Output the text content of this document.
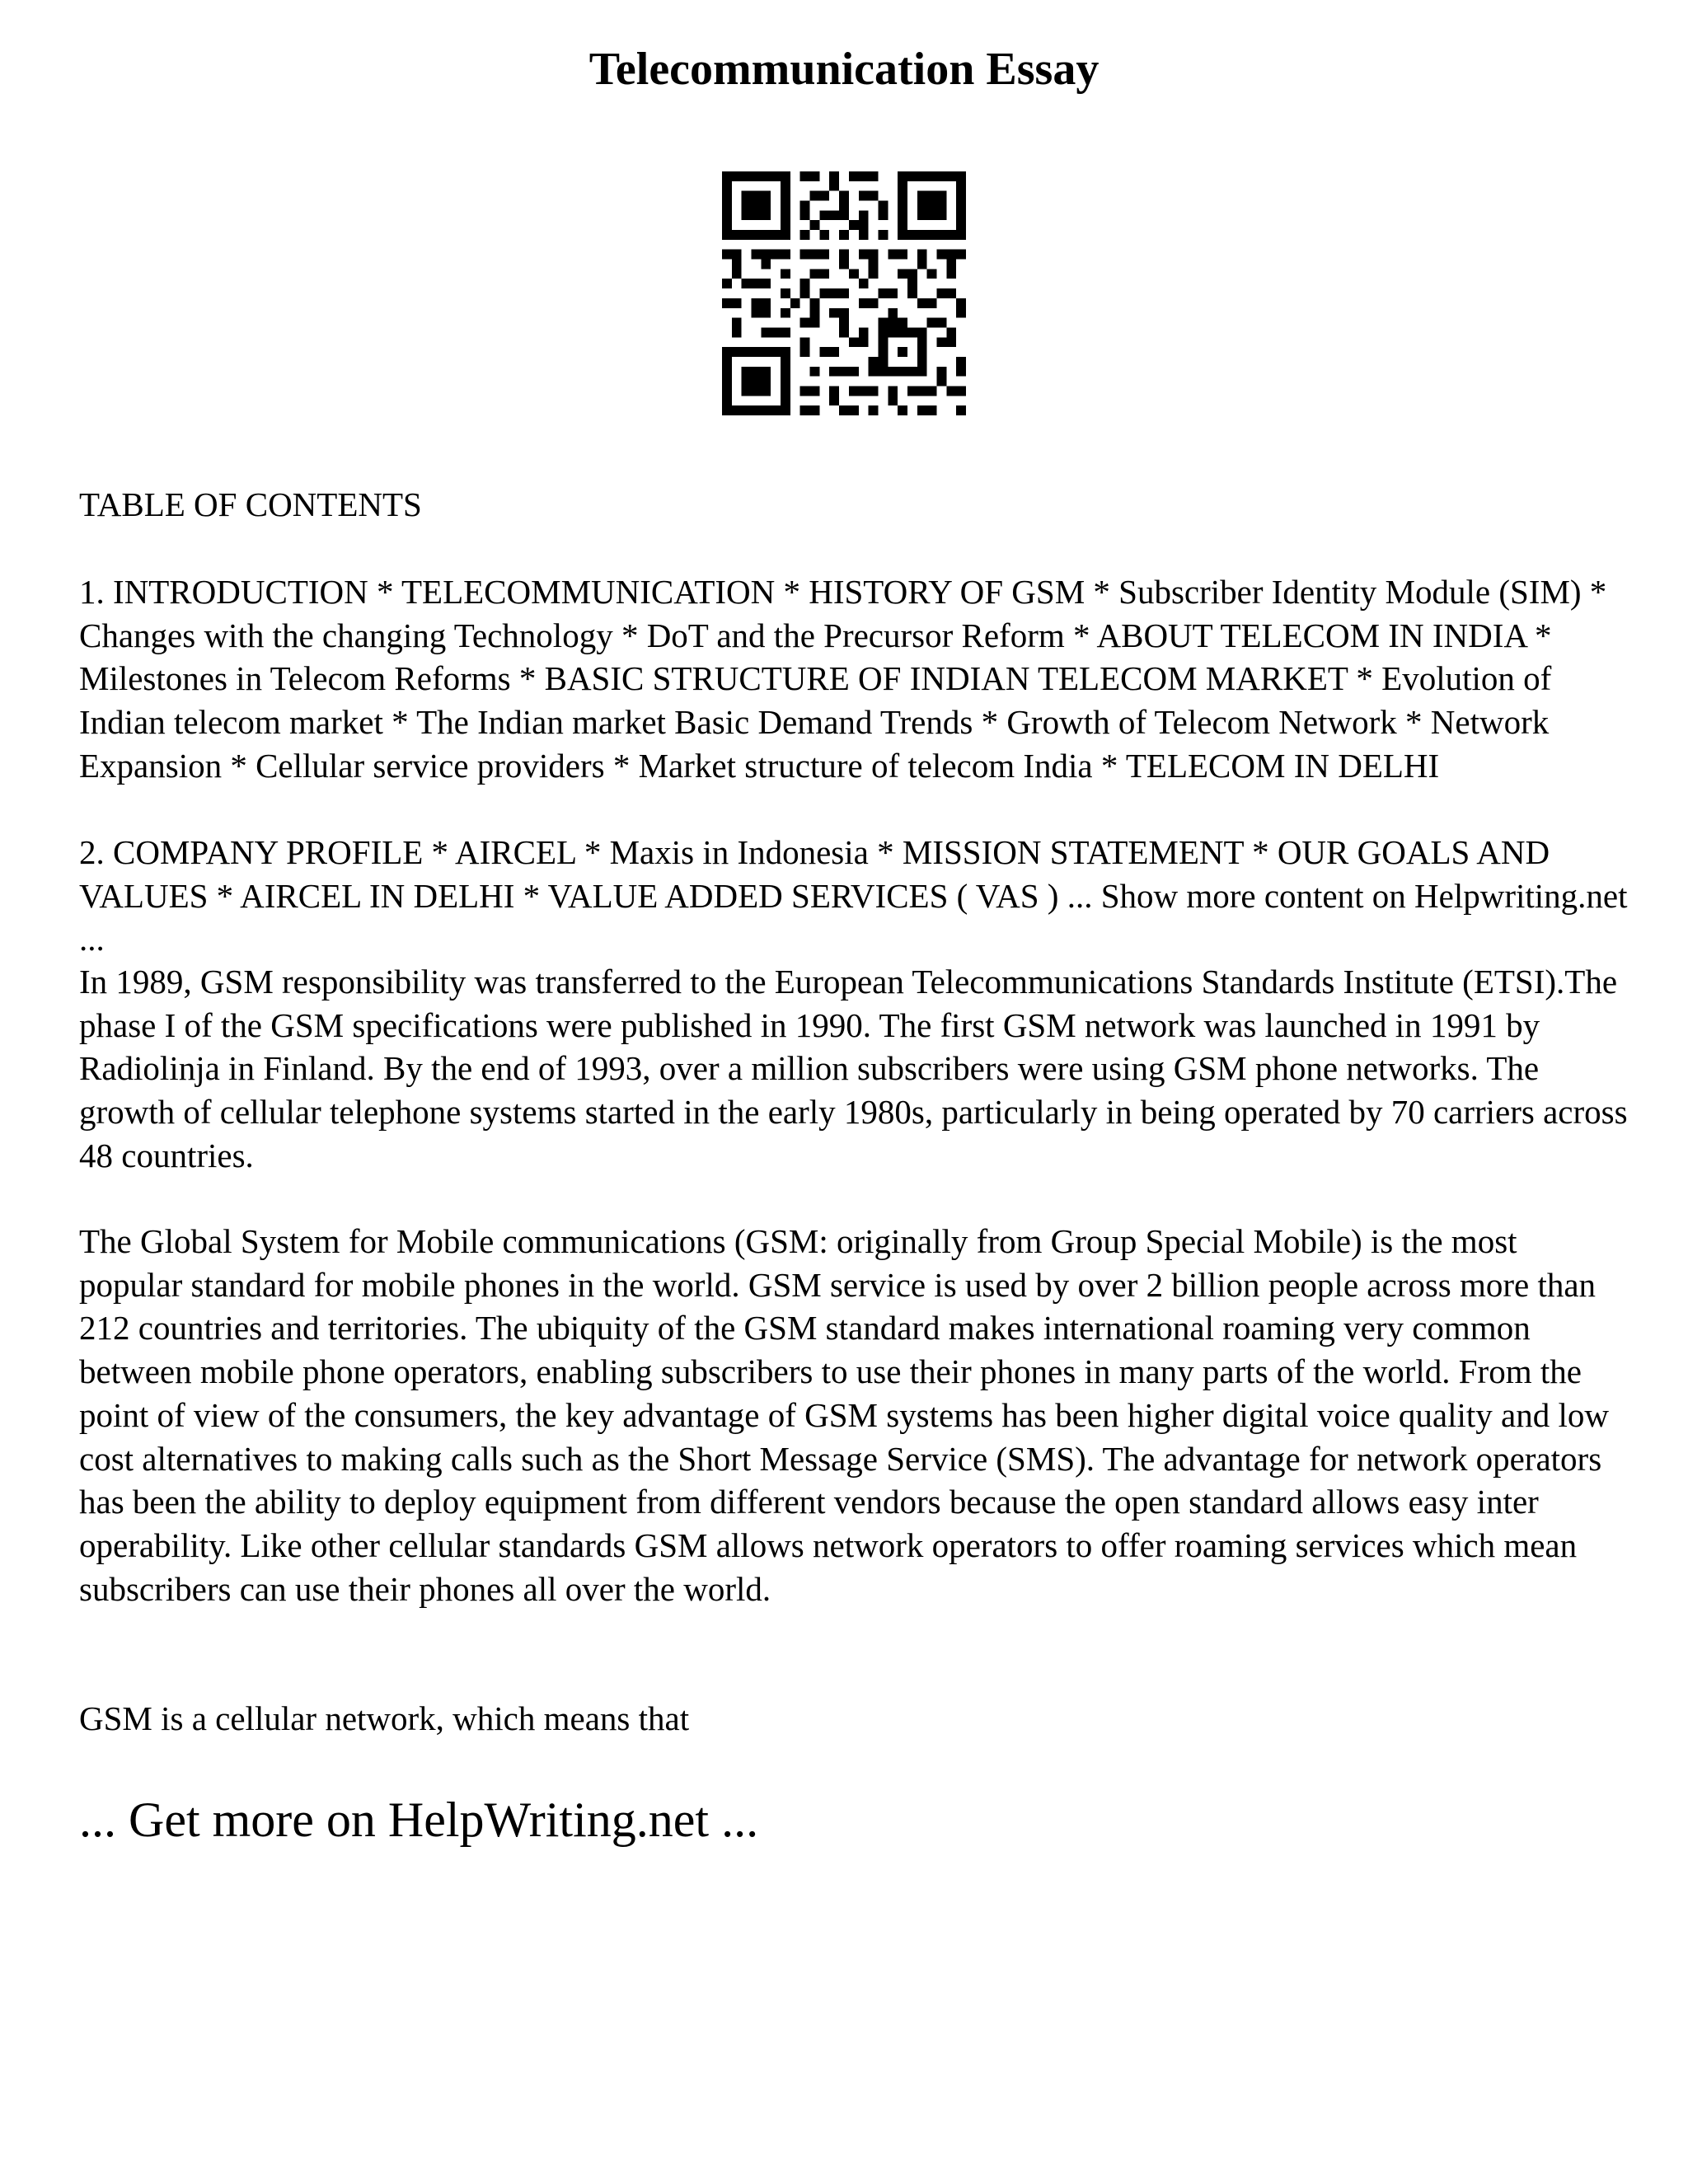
Telecommunication Essay

TABLE OF CONTENTS

1. INTRODUCTION * TELECOMMUNICATION * HISTORY OF GSM * Subscriber Identity Module (SIM) * Changes with the changing Technology * DoT and the Precursor Reform * ABOUT TELECOM IN INDIA * Milestones in Telecom Reforms * BASIC STRUCTURE OF INDIAN TELECOM MARKET * Evolution of Indian telecom market * The Indian market Basic Demand Trends * Growth of Telecom Network * Network Expansion * Cellular service providers * Market structure of telecom India * TELECOM IN DELHI

2. COMPANY PROFILE * AIRCEL * Maxis in Indonesia * MISSION STATEMENT * OUR GOALS AND VALUES * AIRCEL IN DELHI * VALUE ADDED SERVICES ( VAS ) ... Show more content on Helpwriting.net ...

In 1989, GSM responsibility was transferred to the European Telecommunications Standards Institute (ETSI).The phase I of the GSM specifications were published in 1990. The first GSM network was launched in 1991 by Radiolinja in Finland. By the end of 1993, over a million subscribers were using GSM phone networks. The growth of cellular telephone systems started in the early 1980s, particularly in being operated by 70 carriers across 48 countries.

The Global System for Mobile communications (GSM: originally from Group Special Mobile) is the most popular standard for mobile phones in the world. GSM service is used by over 2 billion people across more than 212 countries and territories. The ubiquity of the GSM standard makes international roaming very common between mobile phone operators, enabling subscribers to use their phones in many parts of the world. From the point of view of the consumers, the key advantage of GSM systems has been higher digital voice quality and low cost alternatives to making calls such as the Short Message Service (SMS). The advantage for network operators has been the ability to deploy equipment from different vendors because the open standard allows easy inter operability. Like other cellular standards GSM allows network operators to offer roaming services which mean subscribers can use their phones all over the world.

GSM is a cellular network, which means that

... Get more on HelpWriting.net ...
